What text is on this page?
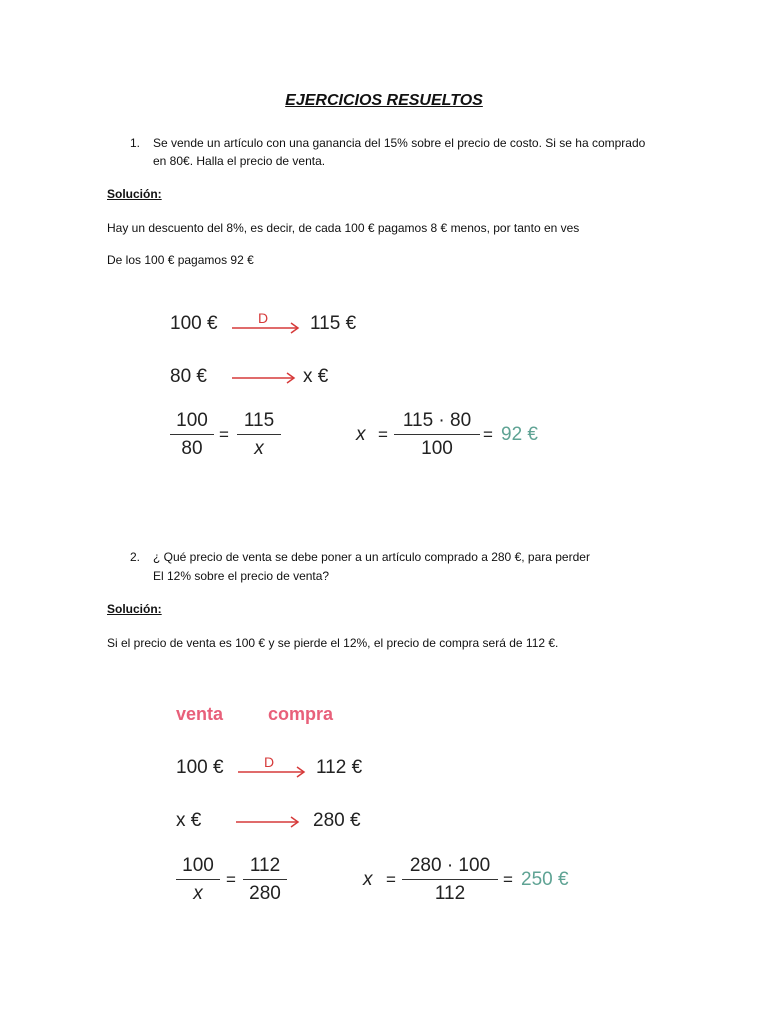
EJERCICIOS RESUELTOS
1. Se vende un artículo con una ganancia del 15% sobre el precio de costo. Si se ha comprado
en 80€. Halla el precio de venta.
Solución:
Hay un descuento del 8%, es decir, de cada 100 € pagamos 8 € menos, por tanto en ves
De los 100 € pagamos 92 €
100 €	D 115 €
80 €	x €
100
80
=
115
x
x =
115 · 80
100
= 92 €
2. ¿ Qué precio de venta se debe poner a un artículo comprado a 280 €, para perder
El 12% sobre el precio de venta?
Solución:
Si el precio de venta es 100 € y se pierde el 12%, el precio de compra será de 112 €.
venta compra
100 €	D 112 €
x €	280 €
100
x
=
112
280
x =
280 · 100
112
= 250 €
